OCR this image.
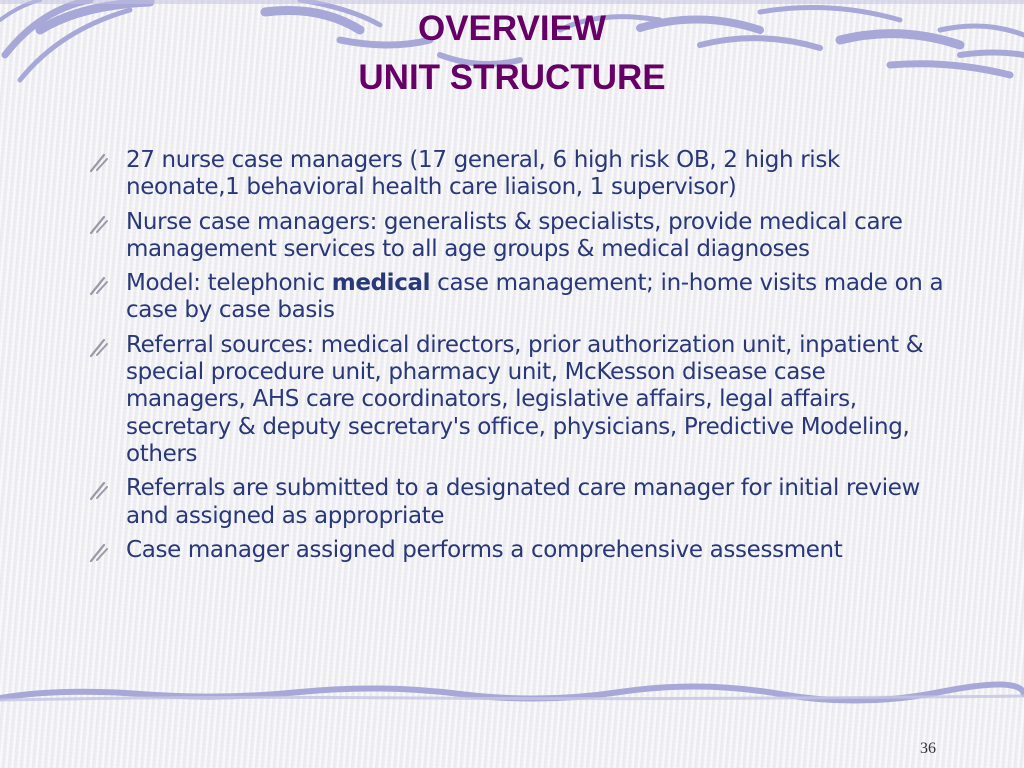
OVERVIEW
UNIT STRUCTURE
27 nurse case managers (17 general, 6 high risk OB, 2 high risk neonate,1 behavioral health care liaison, 1 supervisor)
Nurse case managers: generalists & specialists, provide medical care management services to all age groups & medical diagnoses
Model: telephonic medical case management; in-home visits made on a case by case basis
Referral sources: medical directors, prior authorization unit, inpatient & special procedure unit, pharmacy unit, McKesson disease case managers, AHS care coordinators, legislative affairs, legal affairs, secretary & deputy secretary's office, physicians, Predictive Modeling, others
Referrals are submitted to a designated care manager for initial review and assigned as appropriate
Case manager assigned performs a comprehensive assessment
36
